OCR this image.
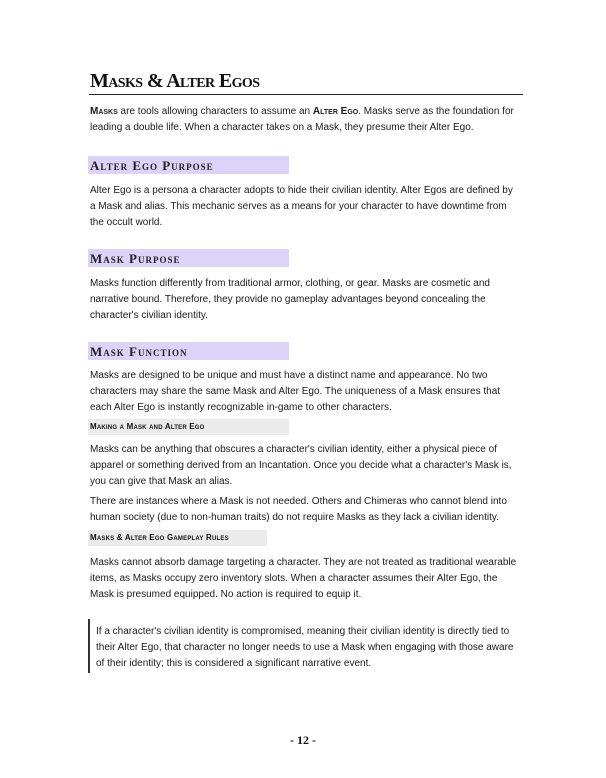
Masks & Alter Egos

Masks are tools allowing characters to assume an Alter Ego. Masks serve as the foundation for leading a double life. When a character takes on a Mask, they presume their Alter Ego.

Alter Ego Purpose

Alter Ego is a persona a character adopts to hide their civilian identity. Alter Egos are defined by a Mask and alias. This mechanic serves as a means for your character to have downtime from the occult world.

Mask Purpose

Masks function differently from traditional armor, clothing, or gear. Masks are cosmetic and narrative bound. Therefore, they provide no gameplay advantages beyond concealing the character's civilian identity.

Mask Function

Masks are designed to be unique and must have a distinct name and appearance. No two characters may share the same Mask and Alter Ego. The uniqueness of a Mask ensures that each Alter Ego is instantly recognizable in-game to other characters.

Making a Mask and Alter Ego

Masks can be anything that obscures a character's civilian identity, either a physical piece of apparel or something derived from an Incantation. Once you decide what a character's Mask is, you can give that Mask an alias.

There are instances where a Mask is not needed. Others and Chimeras who cannot blend into human society (due to non-human traits) do not require Masks as they lack a civilian identity.

Masks & Alter Ego Gameplay Rules

Masks cannot absorb damage targeting a character. They are not treated as traditional wearable items, as Masks occupy zero inventory slots. When a character assumes their Alter Ego, the Mask is presumed equipped. No action is required to equip it.

If a character's civilian identity is compromised, meaning their civilian identity is directly tied to their Alter Ego, that character no longer needs to use a Mask when engaging with those aware of their identity; this is considered a significant narrative event.

- 12 -
